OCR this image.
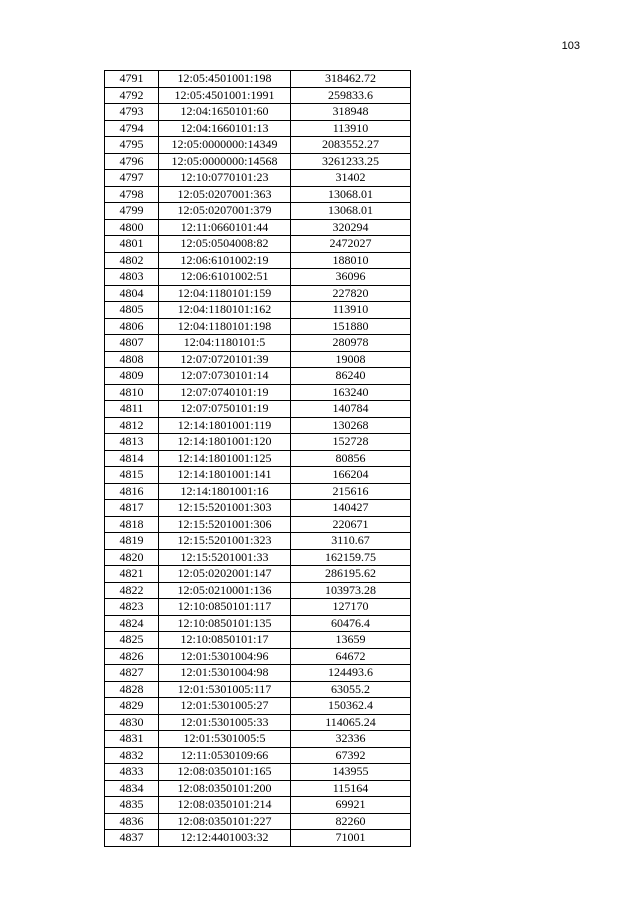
103
4791	12:05:4501001:198	318462.72
4792	12:05:4501001:1991	259833.6
4793	12:04:1650101:60	318948
4794	12:04:1660101:13	113910
4795	12:05:0000000:14349	2083552.27
4796	12:05:0000000:14568	3261233.25
4797	12:10:0770101:23	31402
4798	12:05:0207001:363	13068.01
4799	12:05:0207001:379	13068.01
4800	12:11:0660101:44	320294
4801	12:05:0504008:82	2472027
4802	12:06:6101002:19	188010
4803	12:06:6101002:51	36096
4804	12:04:1180101:159	227820
4805	12:04:1180101:162	113910
4806	12:04:1180101:198	151880
4807	12:04:1180101:5	280978
4808	12:07:0720101:39	19008
4809	12:07:0730101:14	86240
4810	12:07:0740101:19	163240
4811	12:07:0750101:19	140784
4812	12:14:1801001:119	130268
4813	12:14:1801001:120	152728
4814	12:14:1801001:125	80856
4815	12:14:1801001:141	166204
4816	12:14:1801001:16	215616
4817	12:15:5201001:303	140427
4818	12:15:5201001:306	220671
4819	12:15:5201001:323	3110.67
4820	12:15:5201001:33	162159.75
4821	12:05:0202001:147	286195.62
4822	12:05:0210001:136	103973.28
4823	12:10:0850101:117	127170
4824	12:10:0850101:135	60476.4
4825	12:10:0850101:17	13659
4826	12:01:5301004:96	64672
4827	12:01:5301004:98	124493.6
4828	12:01:5301005:117	63055.2
4829	12:01:5301005:27	150362.4
4830	12:01:5301005:33	114065.24
4831	12:01:5301005:5	32336
4832	12:11:0530109:66	67392
4833	12:08:0350101:165	143955
4834	12:08:0350101:200	115164
4835	12:08:0350101:214	69921
4836	12:08:0350101:227	82260
4837	12:12:4401003:32	71001
